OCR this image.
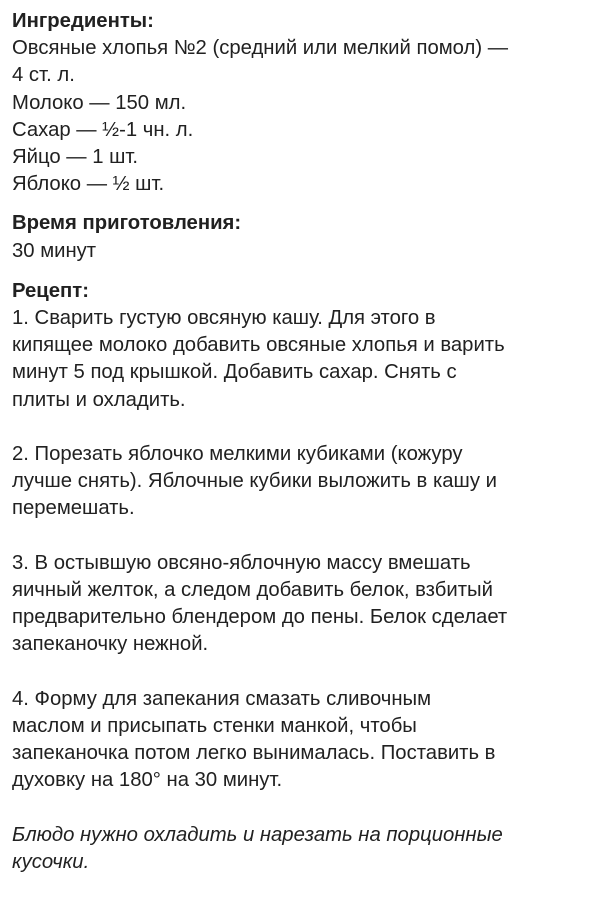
Ингредиенты:
Овсяные хлопья №2 (средний или мелкий помол) —
4 ст. л.
Молоко — 150 мл.
Сахар — ½-1 чн. л.
Яйцо — 1 шт.
Яблоко — ½ шт.
Время приготовления:
30 минут
Рецепт:
1. Сварить густую овсяную кашу. Для этого в
кипящее молоко добавить овсяные хлопья и варить
минут 5 под крышкой. Добавить сахар. Снять с
плиты и охладить.
2. Порезать яблочко мелкими кубиками (кожуру
лучше снять). Яблочные кубики выложить в кашу и
перемешать.
3. В остывшую овсяно-яблочную массу вмешать
яичный желток, а следом добавить белок, взбитый
предварительно блендером до пены. Белок сделает
запеканочку нежной.
4. Форму для запекания смазать сливочным
маслом и присыпать стенки манкой, чтобы
запеканочка потом легко вынималась. Поставить в
духовку на 180° на 30 минут.
Блюдо нужно охладить и нарезать на порционные
кусочки.
